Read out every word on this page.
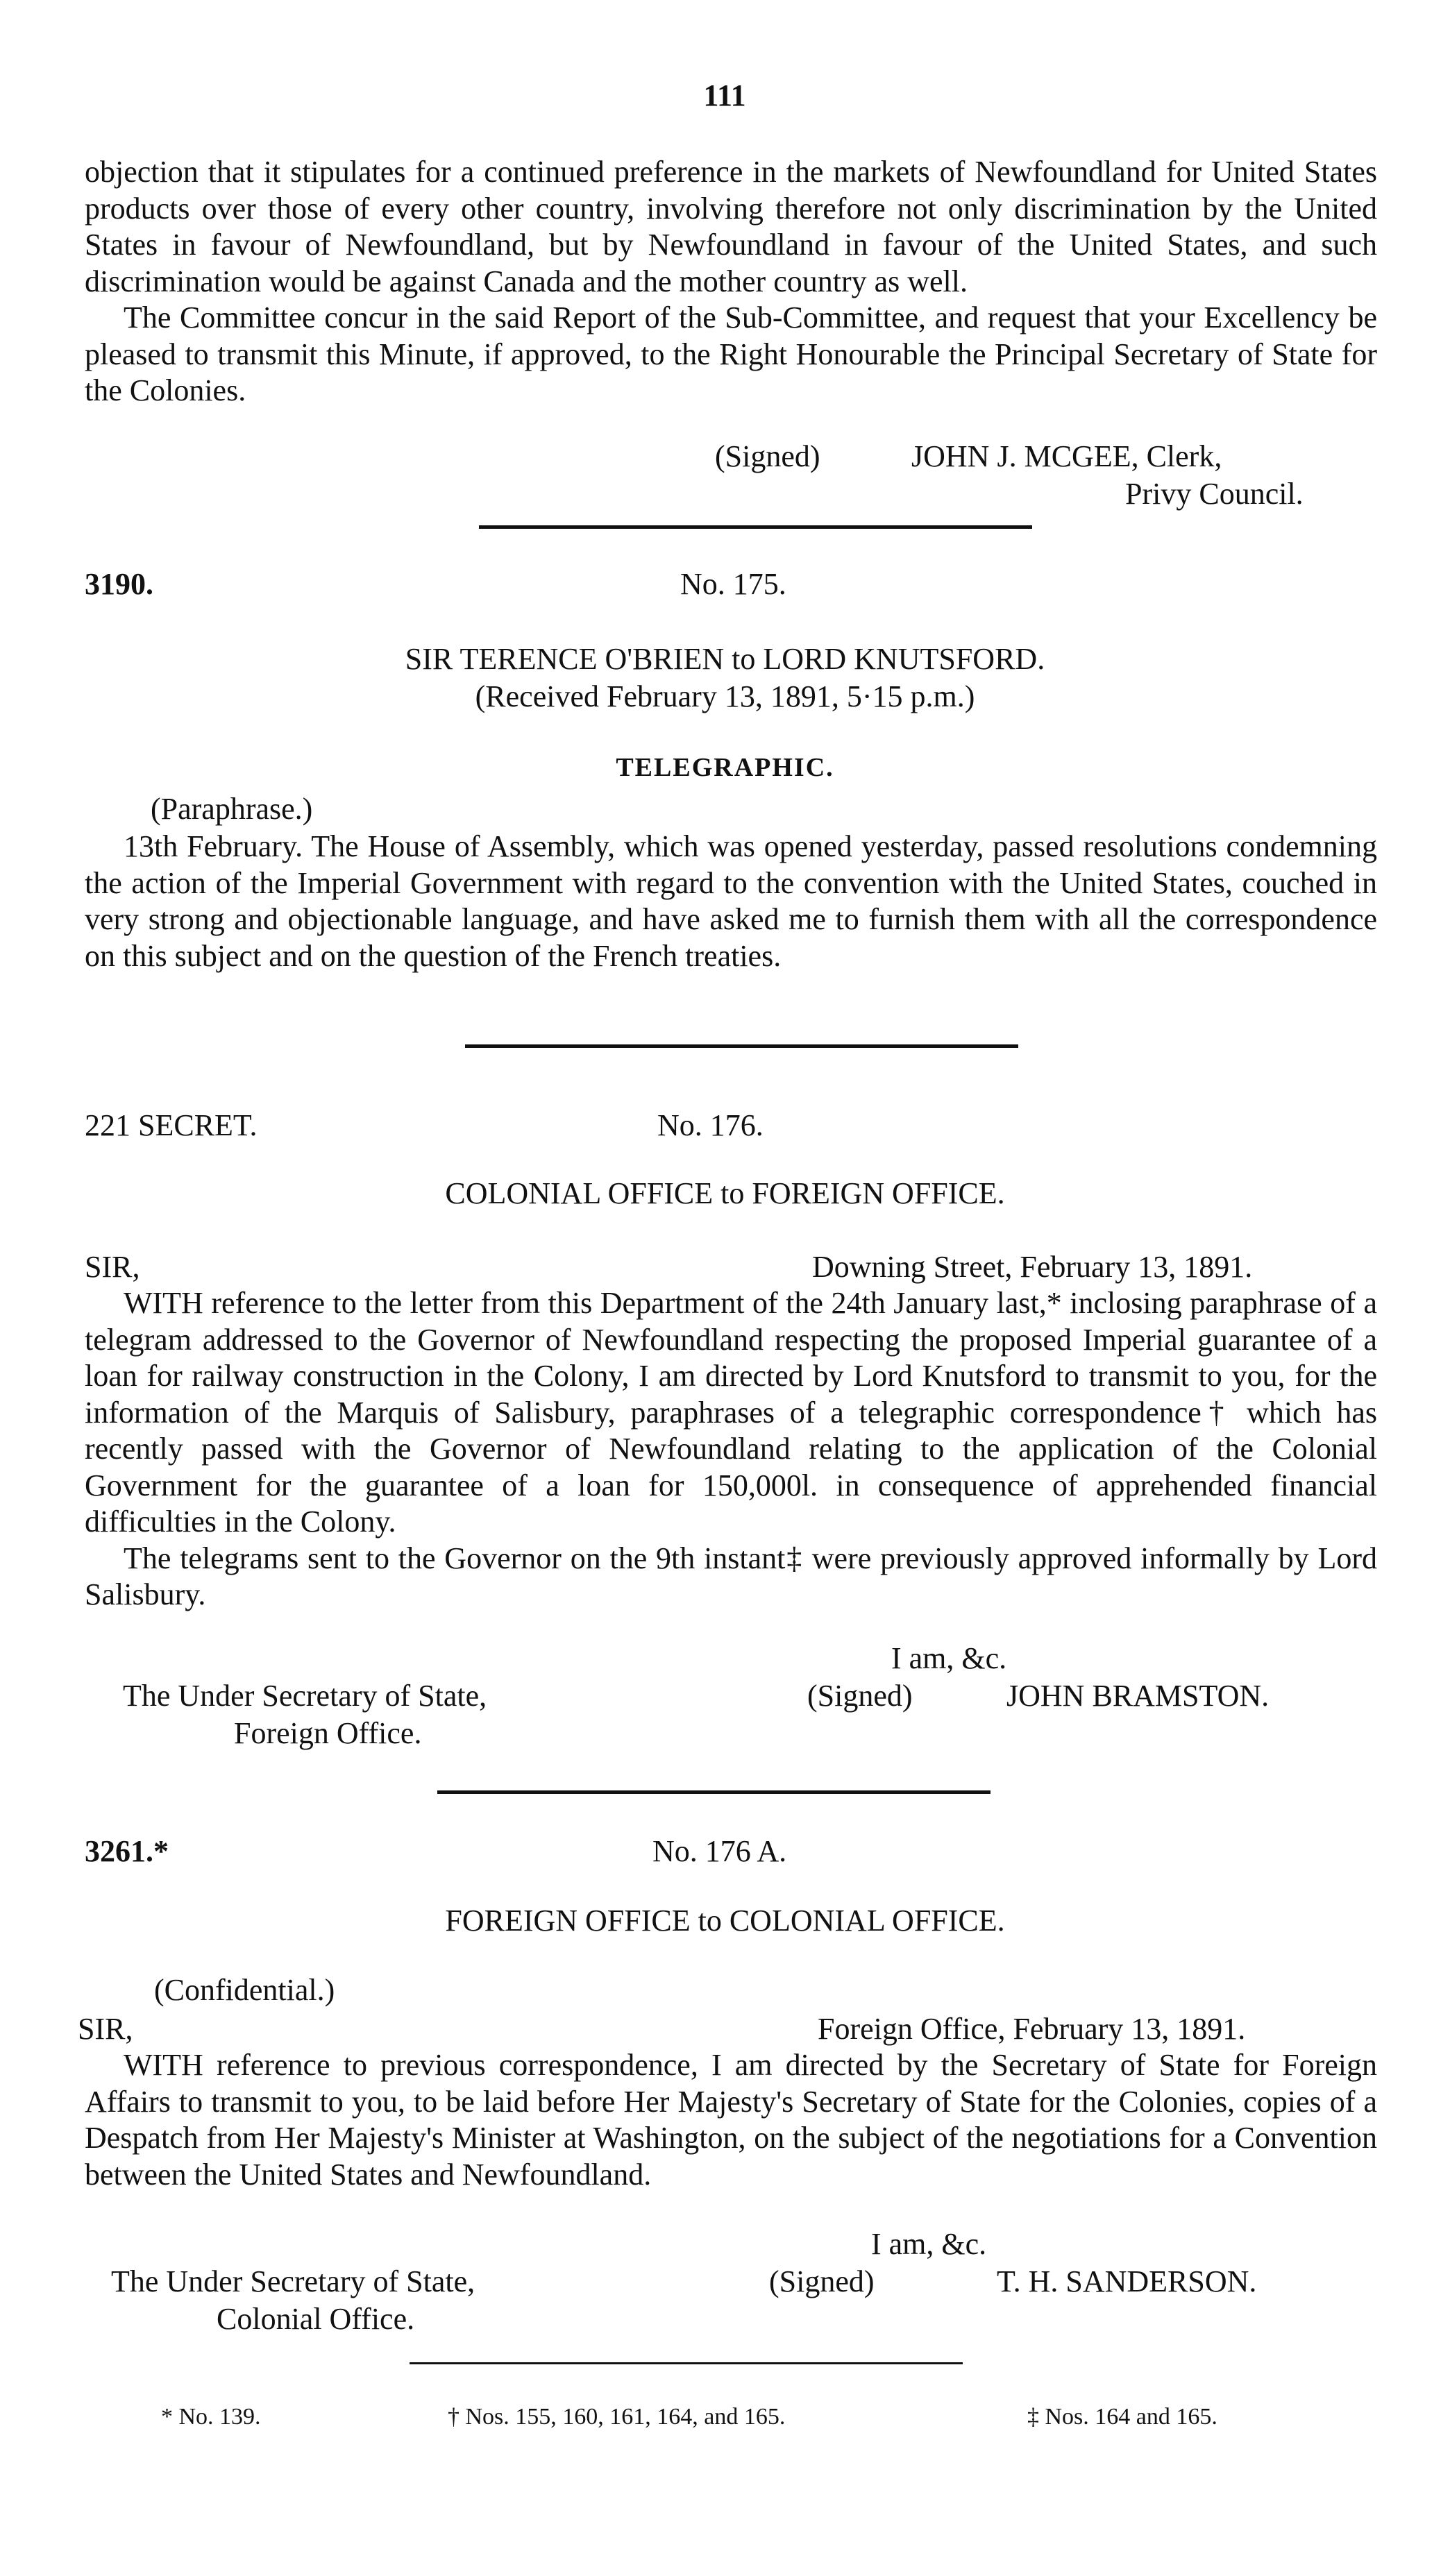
111

objection that it stipulates for a continued preference in the markets of Newfoundland for United States products over those of every other country, involving therefore not only discrimination by the United States in favour of Newfoundland, but by Newfoundland in favour of the United States, and such discrimination would be against Canada and the mother country as well.

The Committee concur in the said Report of the Sub-Committee, and request that your Excellency be pleased to transmit this Minute, if approved, to the Right Honourable the Principal Secretary of State for the Colonies.

(Signed)	JOHN J. MCGEE, Clerk,
Privy Council.
3190.	No. 175.
SIR TERENCE O'BRIEN to LORD KNUTSFORD.
(Received February 13, 1891, 5·15 p.m.)
TELEGRAPHIC.
(Paraphrase.)

13th February. The House of Assembly, which was opened yesterday, passed resolutions condemning the action of the Imperial Government with regard to the convention with the United States, couched in very strong and objectionable language, and have asked me to furnish them with all the correspondence on this subject and on the question of the French treaties.

221 SECRET.	No. 176.
COLONIAL OFFICE to FOREIGN OFFICE.
SIR,	Downing Street, February 13, 1891.

WITH reference to the letter from this Department of the 24th January last,* inclosing paraphrase of a telegram addressed to the Governor of Newfoundland respecting the proposed Imperial guarantee of a loan for railway construction in the Colony, I am directed by Lord Knutsford to transmit to you, for the information of the Marquis of Salisbury, paraphrases of a telegraphic correspondence† which has recently passed with the Governor of Newfoundland relating to the application of the Colonial Government for the guarantee of a loan for 150,000l. in consequence of apprehended financial difficulties in the Colony.

The telegrams sent to the Governor on the 9th instant‡ were previously approved informally by Lord Salisbury.

I am, &c.
(Signed)	JOHN BRAMSTON.
The Under Secretary of State,
Foreign Office.
3261.*	No. 176 A.
FOREIGN OFFICE to COLONIAL OFFICE.
(Confidential.)
SIR,	Foreign Office, February 13, 1891.

WITH reference to previous correspondence, I am directed by the Secretary of State for Foreign Affairs to transmit to you, to be laid before Her Majesty's Secretary of State for the Colonies, copies of a Despatch from Her Majesty's Minister at Washington, on the subject of the negotiations for a Convention between the United States and Newfoundland.

I am, &c.
(Signed)	T. H. SANDERSON.
The Under Secretary of State,
Colonial Office.
* No. 139.	† Nos. 155, 160, 161, 164, and 165.	‡ Nos. 164 and 165.
